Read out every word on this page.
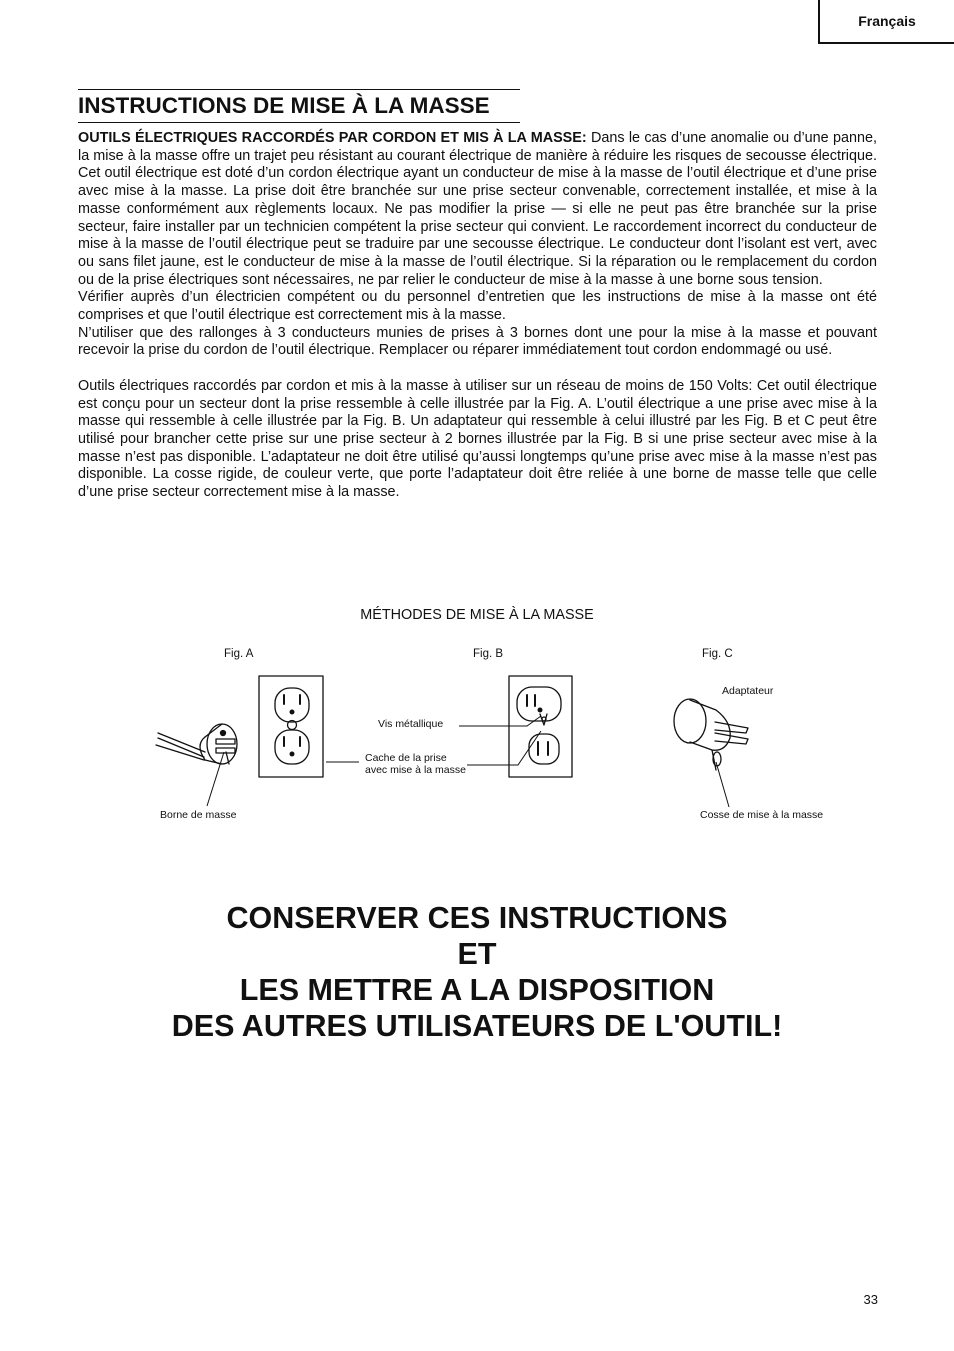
Français
INSTRUCTIONS DE MISE À LA MASSE

OUTILS ÉLECTRIQUES RACCORDÉS PAR CORDON ET MIS À LA MASSE: Dans le cas d’une anomalie ou d’une panne, la mise à la masse offre un trajet peu résistant au courant électrique de manière à réduire les risques de secousse électrique. Cet outil électrique est doté d’un cordon électrique ayant un conducteur de mise à la masse de l’outil électrique et d’une prise avec mise à la masse. La prise doit être branchée sur une prise secteur convenable, correctement installée, et mise à la masse conformément aux règlements locaux. Ne pas modifier la prise — si elle ne peut pas être branchée sur la prise secteur, faire installer par un technicien compétent la prise secteur qui convient. Le raccordement incorrect du conducteur de mise à la masse de l’outil électrique peut se traduire par une secousse électrique. Le conducteur dont l’isolant est vert, avec ou sans filet jaune, est le conducteur de mise à la masse de l’outil électrique. Si la réparation ou le remplacement du cordon ou de la prise électriques sont nécessaires, ne par relier le conducteur de mise à la masse à une borne sous tension.

Vérifier auprès d’un électricien compétent ou du personnel d’entretien que les instructions de mise à la masse ont été comprises et que l’outil électrique est correctement mis à la masse.

N’utiliser que des rallonges à 3 conducteurs munies de prises à 3 bornes dont une pour la mise à la masse et pouvant recevoir la prise du cordon de l’outil électrique. Remplacer ou réparer immédiatement tout cordon endommagé ou usé.

Outils électriques raccordés par cordon et mis à la masse à utiliser sur un réseau de moins de 150 Volts: Cet outil électrique est conçu pour un secteur dont la prise ressemble à celle illustrée par la Fig. A. L’outil électrique a une prise avec mise à la masse qui ressemble à celle illustrée par la Fig. B. Un adaptateur qui ressemble à celui illustré par les Fig. B et C peut être utilisé pour brancher cette prise sur une prise secteur à 2 bornes illustrée par la Fig. B si une prise secteur avec mise à la masse n’est pas disponible. L’adaptateur ne doit être utilisé qu’aussi longtemps qu’une prise avec mise à la masse n’est pas disponible. La cosse rigide, de couleur verte, que porte l’adaptateur doit être reliée à une borne de masse telle que celle d’une prise secteur correctement mise à la masse.

MÉTHODES DE MISE À LA MASSE
Fig. A	Fig. B	Fig. C
Borne de masse
Vis métallique
Cache de la prise
avec mise à la masse
Adaptateur
Cosse de mise à la masse
CONSERVER CES INSTRUCTIONS
ET
LES METTRE A LA DISPOSITION
DES AUTRES UTILISATEURS DE L'OUTIL!
33
